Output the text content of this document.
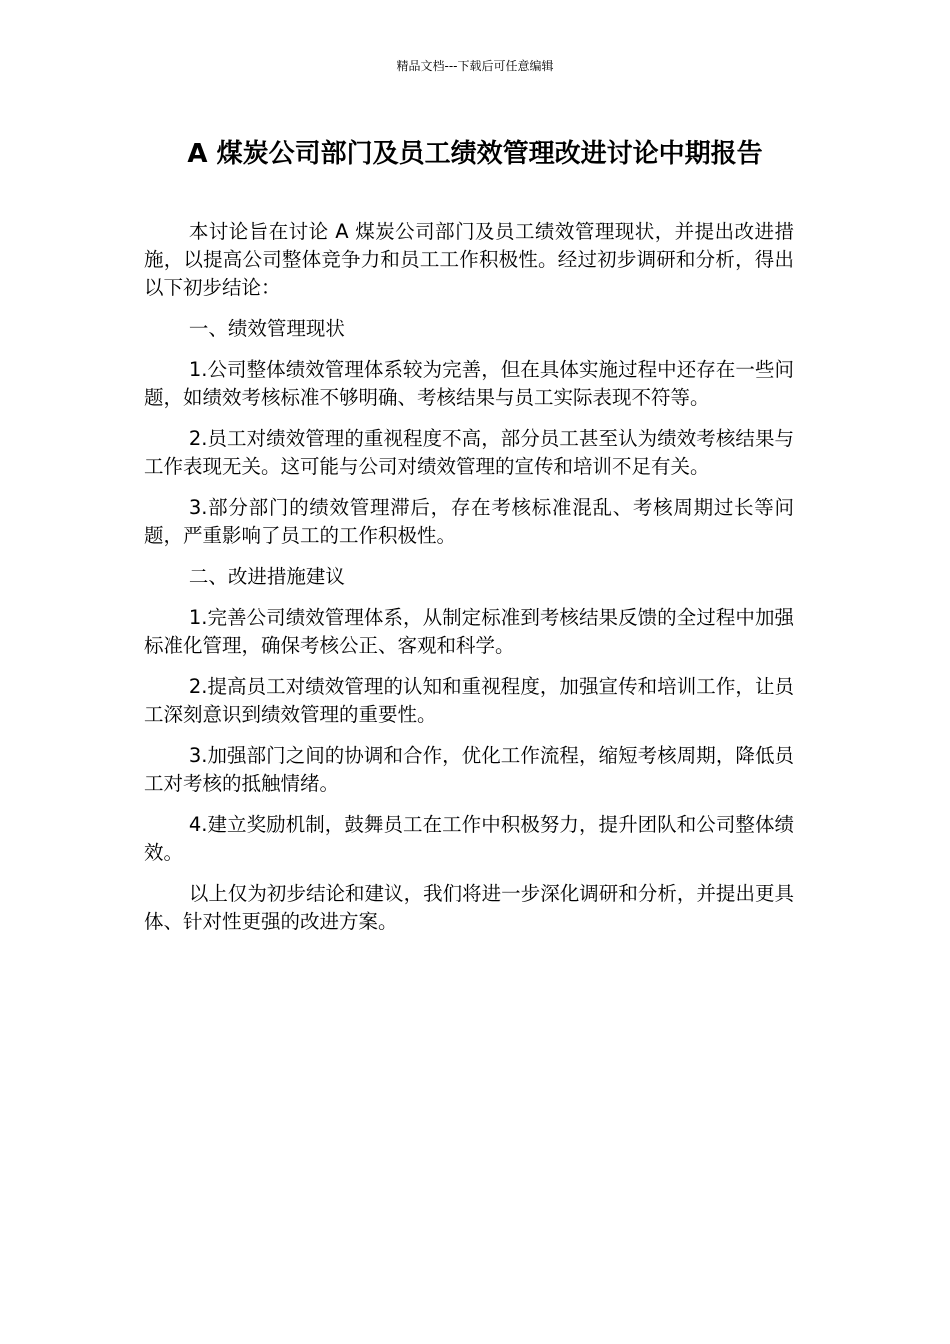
精品文档---下载后可任意编辑
A 煤炭公司部门及员工绩效管理改进讨论中期报告

本讨论旨在讨论 A 煤炭公司部门及员工绩效管理现状，并提出改进措施，以提高公司整体竞争力和员工工作积极性。经过初步调研和分析，得出以下初步结论：

一、绩效管理现状

1.公司整体绩效管理体系较为完善，但在具体实施过程中还存在一些问题，如绩效考核标准不够明确、考核结果与员工实际表现不符等。

2.员工对绩效管理的重视程度不高，部分员工甚至认为绩效考核结果与工作表现无关。这可能与公司对绩效管理的宣传和培训不足有关。

3.部分部门的绩效管理滞后，存在考核标准混乱、考核周期过长等问题，严重影响了员工的工作积极性。

二、改进措施建议

1.完善公司绩效管理体系，从制定标准到考核结果反馈的全过程中加强标准化管理，确保考核公正、客观和科学。

2.提高员工对绩效管理的认知和重视程度，加强宣传和培训工作，让员工深刻意识到绩效管理的重要性。

3.加强部门之间的协调和合作，优化工作流程，缩短考核周期，降低员工对考核的抵触情绪。

4.建立奖励机制，鼓舞员工在工作中积极努力，提升团队和公司整体绩效。

以上仅为初步结论和建议，我们将进一步深化调研和分析，并提出更具体、针对性更强的改进方案。
